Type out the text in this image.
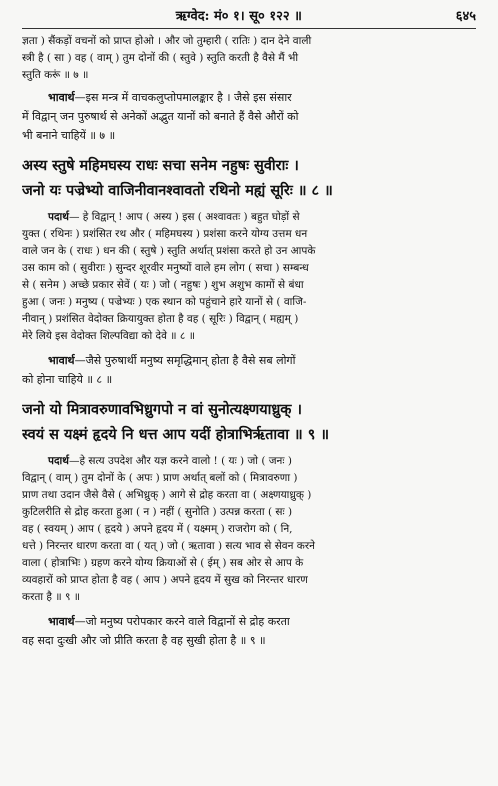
ऋग्वेद: मं० १। सू० १२२ ॥	६४५
ज्ञता ) सैंकड़ों वचनों को प्राप्त होओ । और जो तुम्हारी ( रातिः ) दान देने वाली
स्त्री है ( सा ) वह ( वाम् ) तुम दोनों की ( स्तुवे ) स्तुति करती है वैसे मैं भी
स्तुति करूं ॥ ७ ॥
भावार्थ—इस मन्त्र में वाचकलुप्तोपमालङ्कार है । जैसे इस संसार
में विद्वान् जन पुरुषार्थ से अनेकों अद्भुत यानों को बनाते हैं वैसे औरों को
भी बनाने चाहियें ॥ ७ ॥
अस्य स्तुषे महिमघस्य राधः सचा सनेम नहुषः सुवीराः ।
जनो यः पज्रेभ्यो वाजिनीवानश्वावतो रथिनो मह्यं सूरिः ॥ ८ ॥
पदार्थ— हे विद्वान् ! आप ( अस्य ) इस ( अश्वावतः ) बहुत घोड़ों से
युक्त ( रथिनः ) प्रशंसित रथ और ( महिमघस्य ) प्रशंसा करने योग्य उत्तम धन
वाले जन के ( राधः ) धन की ( स्तुषे ) स्तुति अर्थात् प्रशंसा करते हो उन आपके
उस काम को ( सुवीराः ) सुन्दर शूरवीर मनुष्यों वाले हम लोग ( सचा ) सम्बन्ध
से ( सनेम ) अच्छे प्रकार सेवें ( यः ) जो ( नहुषः ) शुभ अशुभ कामों से बंधा
हुआ ( जनः ) मनुष्य ( पज्रेभ्यः ) एक स्थान को पहुंचाने हारे यानों से ( वाजि-
नीवान् ) प्रशंसित वेदोक्त क्रियायुक्त होता है वह ( सूरिः ) विद्वान् ( मह्यम् )
मेरे लिये इस वेदोक्त शिल्पविद्या को देवे ॥ ८ ॥
भावार्थ—जैसे पुरुषार्थी मनुष्य समृद्धिमान् होता है वैसे सब लोगों
को होना चाहिये ॥ ८ ॥
जनो यो मित्रावरुणावभिध्रुगपो न वां सुनोत्यक्ष्णयाध्रुक् ।
स्वयं स यक्ष्मं हृदये नि धत्त आप यदीं होत्राभिर्ऋतावा ॥ ९ ॥
पदार्थ—हे सत्य उपदेश और यज्ञ करने वालो ! ( यः ) जो ( जनः )
विद्वान् ( वाम् ) तुम दोनों के ( अपः ) प्राण अर्थात् बलों को ( मित्रावरुणा )
प्राण तथा उदान जैसे वैसे ( अभिध्रुक् ) आगे से द्रोह करता वा ( अक्ष्णयाध्रुक् )
कुटिलरीति से द्रोह करता हुआ ( न ) नहीं ( सुनोति ) उत्पन्न करता ( सः )
वह ( स्वयम् ) आप ( हृदये ) अपने हृदय में ( यक्ष्मम् ) राजरोग को ( नि,
धत्ते ) निरन्तर धारण करता वा ( यत् ) जो ( ऋतावा ) सत्य भाव से सेवन करने
वाला ( होत्राभिः ) ग्रहण करने योग्य क्रियाओं से ( ईम् ) सब ओर से आप के
व्यवहारों को प्राप्त होता है वह ( आप ) अपने हृदय में सुख को निरन्तर धारण
करता है ॥ ९ ॥
भावार्थ—जो मनुष्य परोपकार करने वाले विद्वानों से द्रोह करता
वह सदा दुःखी और जो प्रीति करता है वह सुखी होता है ॥ ९ ॥
